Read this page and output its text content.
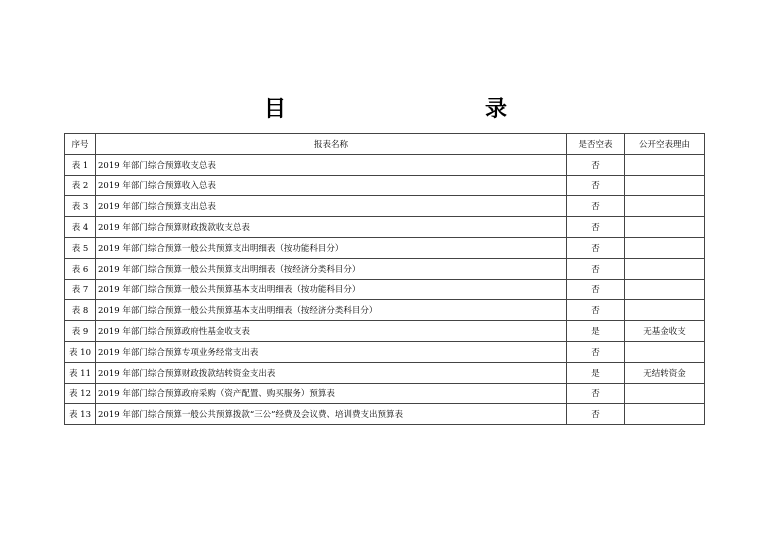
目	录
序号	报表名称	是否空表	公开空表理由
表 1	2019 年部门综合预算收支总表	否	
表 2	2019 年部门综合预算收入总表	否	
表 3	2019 年部门综合预算支出总表	否	
表 4	2019 年部门综合预算财政拨款收支总表	否	
表 5	2019 年部门综合预算一般公共预算支出明细表（按功能科目分）	否	
表 6	2019 年部门综合预算一般公共预算支出明细表（按经济分类科目分）	否	
表 7	2019 年部门综合预算一般公共预算基本支出明细表（按功能科目分）	否	
表 8	2019 年部门综合预算一般公共预算基本支出明细表（按经济分类科目分）	否	
表 9	2019 年部门综合预算政府性基金收支表	是	无基金收支
表 10	2019 年部门综合预算专项业务经常支出表	否	
表 11	2019 年部门综合预算财政拨款结转资金支出表	是	无结转资金
表 12	2019 年部门综合预算政府采购（资产配置、购买服务）预算表	否	
表 13	2019 年部门综合预算一般公共预算拨款“三公”经费及会议费、培训费支出预算表	否	
